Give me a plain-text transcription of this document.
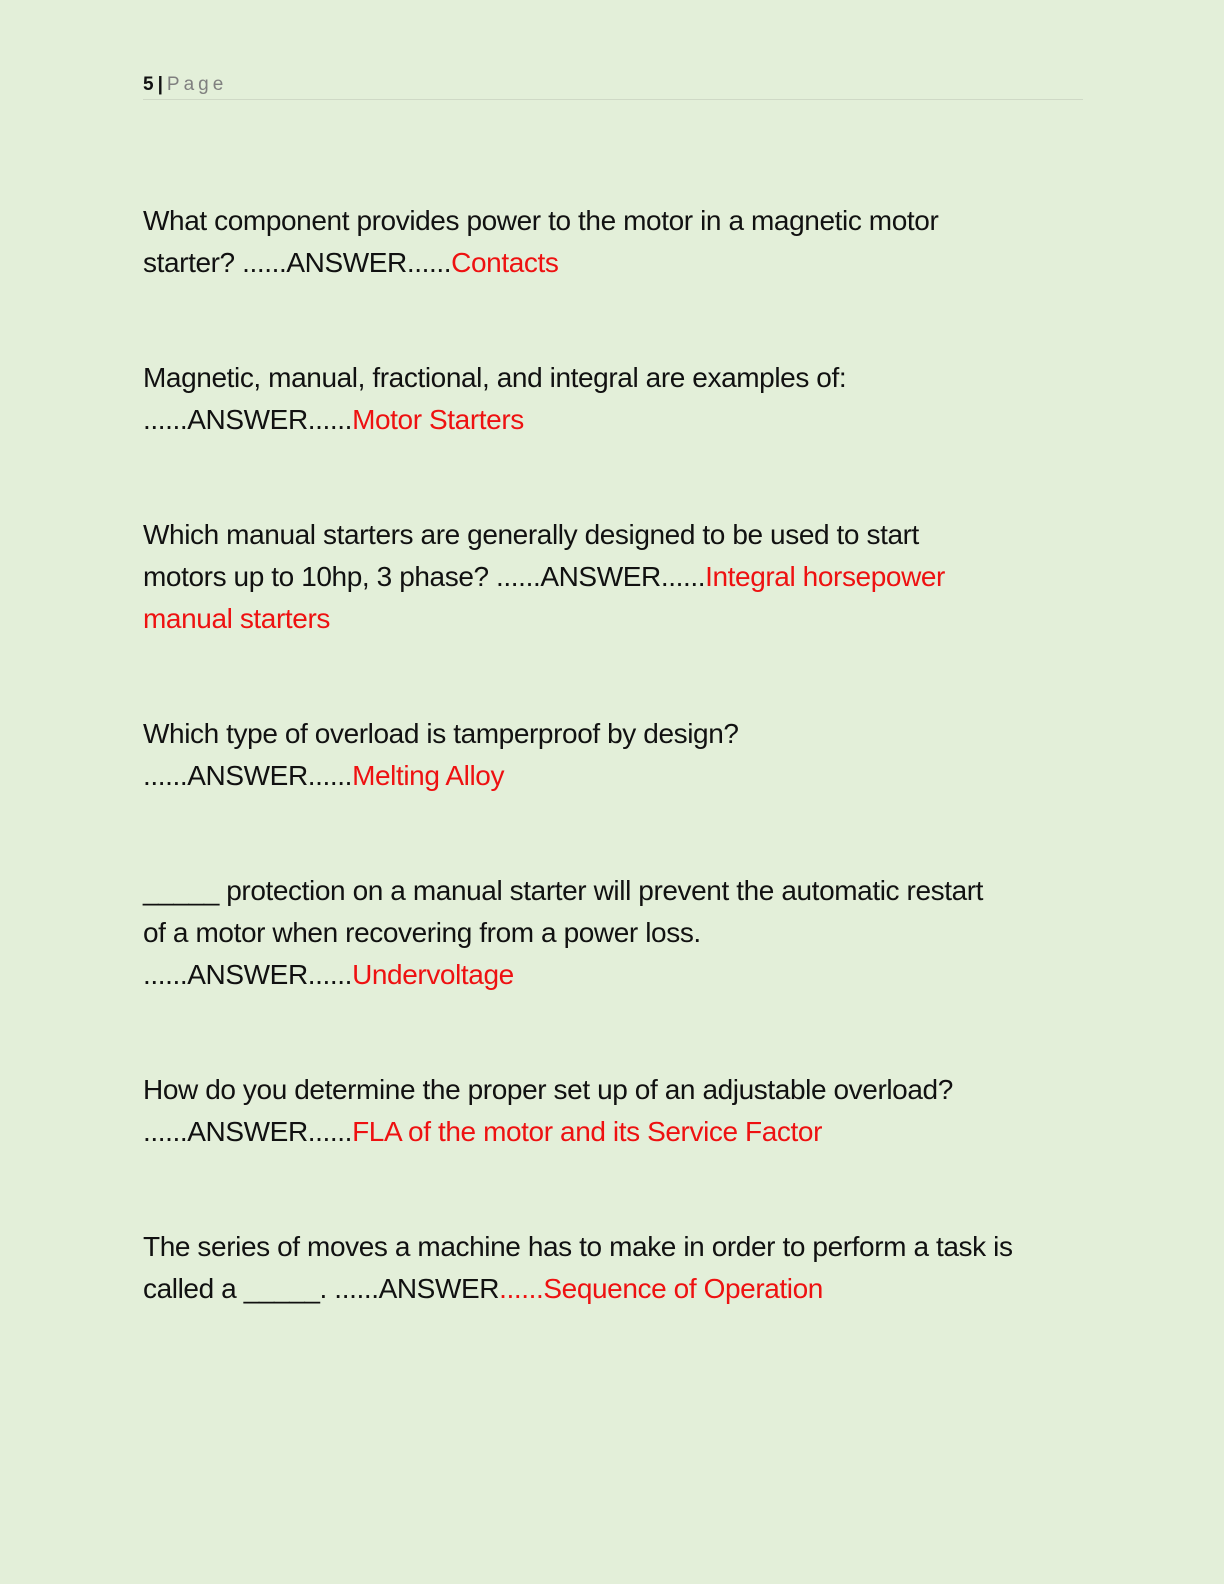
5 | Page
What component provides power to the motor in a magnetic motor
starter? ......ANSWER......Contacts
Magnetic, manual, fractional, and integral are examples of:
......ANSWER......Motor Starters
Which manual starters are generally designed to be used to start
motors up to 10hp, 3 phase? ......ANSWER......Integral horsepower
manual starters
Which type of overload is tamperproof by design?
......ANSWER......Melting Alloy
_____ protection on a manual starter will prevent the automatic restart
of a motor when recovering from a power loss.
......ANSWER......Undervoltage
How do you determine the proper set up of an adjustable overload?
......ANSWER......FLA of the motor and its Service Factor
The series of moves a machine has to make in order to perform a task is
called a _____. ......ANSWER......Sequence of Operation
